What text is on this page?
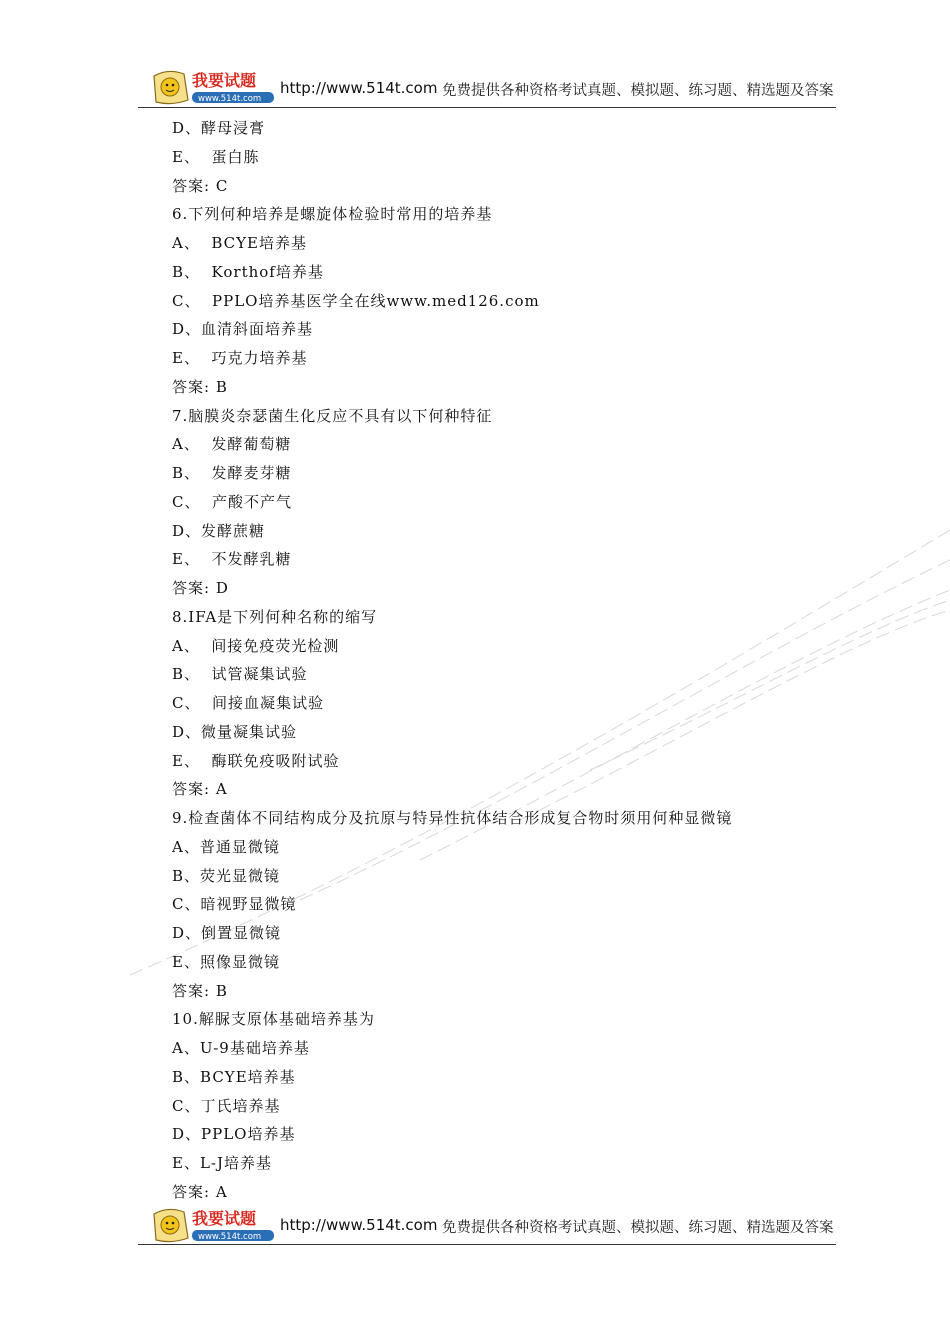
我要试题
www.514t.com
http://www.514t.com 免费提供各种资格考试真题、模拟题、练习题、精选题及答案
D、酵母浸膏
E、  蛋白胨
答案: C
6.下列何种培养是螺旋体检验时常用的培养基
A、  BCYE培养基
B、  Korthof培养基
C、  PPLO培养基医学全在线www.med126.com
D、血清斜面培养基
E、  巧克力培养基
答案: B
7.脑膜炎奈瑟菌生化反应不具有以下何种特征
A、  发酵葡萄糖
B、  发酵麦芽糖
C、  产酸不产气
D、发酵蔗糖
E、  不发酵乳糖
答案: D
8.IFA是下列何种名称的缩写
A、  间接免疫荧光检测
B、  试管凝集试验
C、  间接血凝集试验
D、微量凝集试验
E、  酶联免疫吸附试验
答案: A
9.检查菌体不同结构成分及抗原与特异性抗体结合形成复合物时须用何种显微镜
A、普通显微镜
B、荧光显微镜
C、暗视野显微镜
D、倒置显微镜
E、照像显微镜
答案: B
10.解脲支原体基础培养基为
A、U-9基础培养基
B、BCYE培养基
C、丁氏培养基
D、PPLO培养基
E、L-J培养基
答案: A
我要试题
www.514t.com
http://www.514t.com 免费提供各种资格考试真题、模拟题、练习题、精选题及答案
